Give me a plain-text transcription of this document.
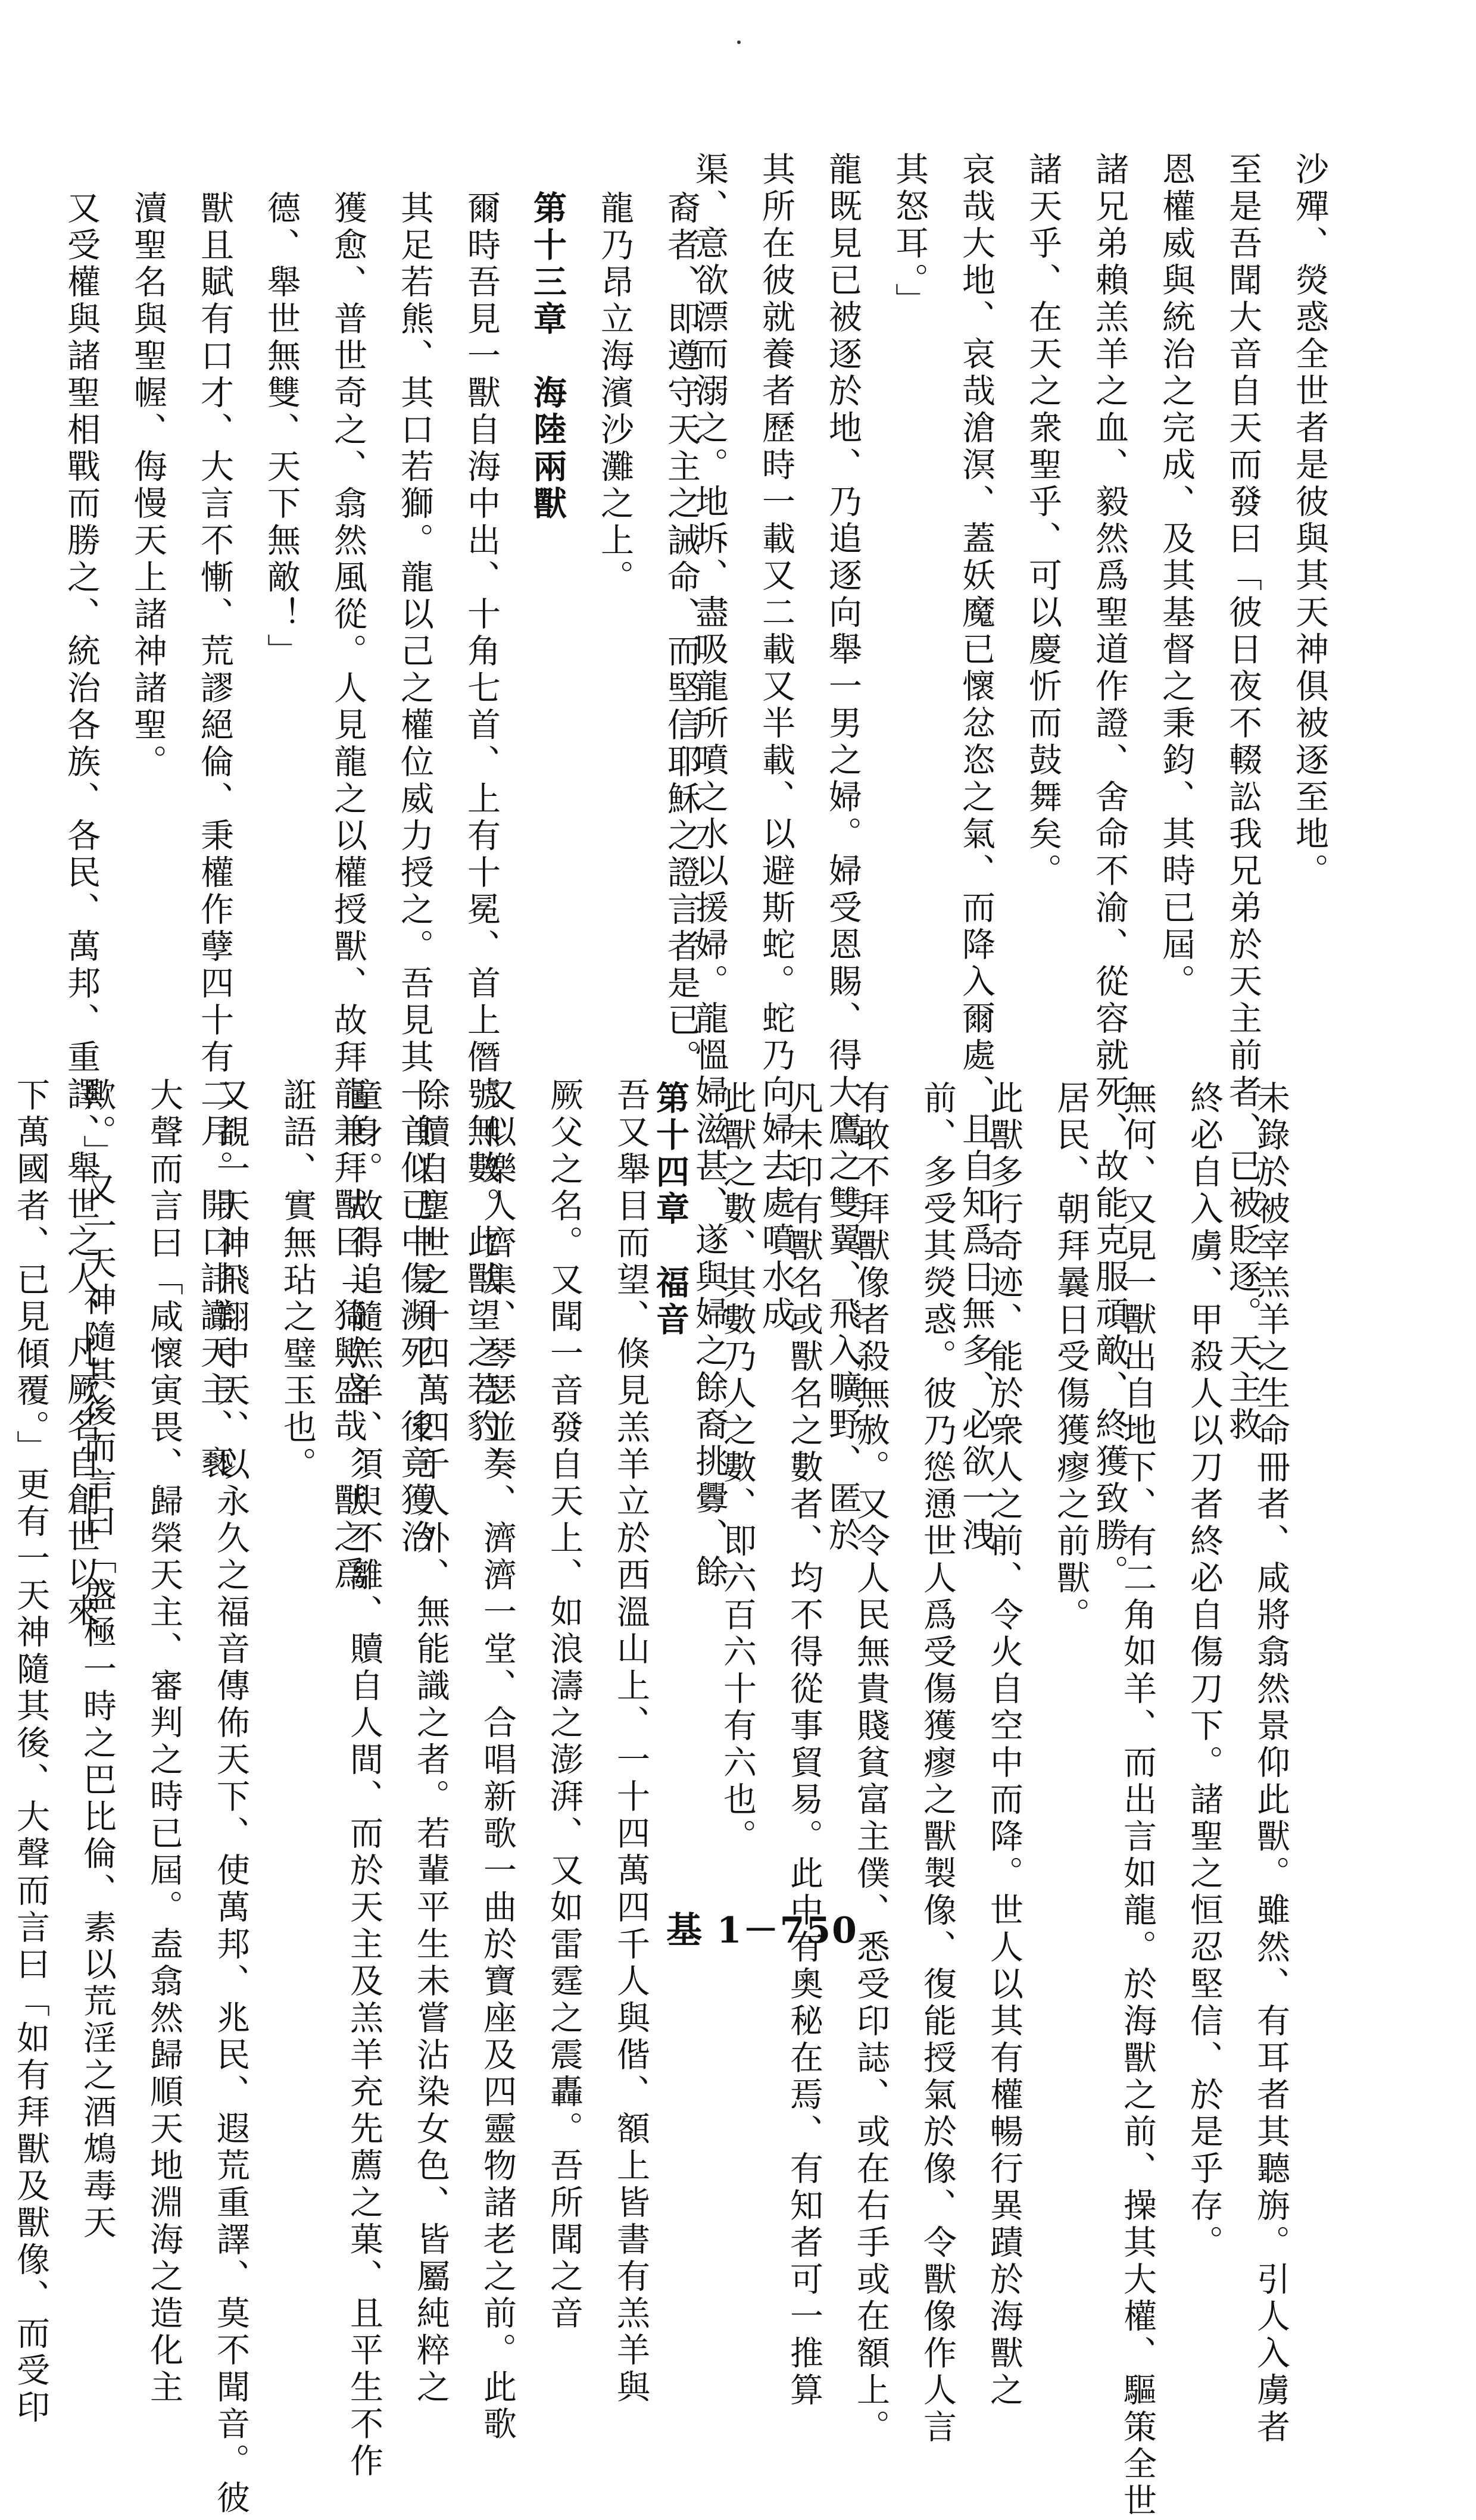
沙殫、熒惑全世者是彼與其天神俱被逐至地。
至是吾聞大音自天而發曰「彼日夜不輟訟我兄弟於天主前者、已被貶逐。天主救
恩權威與統治之完成、及其基督之秉鈞、其時已屆。
諸兄弟賴羔羊之血、毅然爲聖道作證、舍命不渝、從容就死、故能克服頑敵、終獲致勝。
諸天乎、在天之衆聖乎、可以慶忻而鼓舞矣。
哀哉大地、哀哉滄溟、蓋妖魔已懷忿恣之氣、而降入爾處、且自知爲日無多、必欲一洩
其怒耳。」
龍既見已被逐於地、乃追逐向舉一男之婦。婦受恩賜、得大鷹之雙翼、飛入曠野、匿於
其所在彼就養者歷時一載又二載又半載、以避斯蛇。蛇乃向婦去處噴水成
渠、意欲漂而溺之。地坼、盡吸龍所噴之水以援婦。龍慍婦滋甚、遂與婦之餘裔挑釁、餘
裔者、即遵守天主之誡命、而堅信耶穌之證言者是已。
龍乃昂立海濱沙灘之上。
第十三章　海陸兩獸
爾時吾見一獸自海中出、十角七首、上有十冕、首上僭號無數。此獸望之若豹、
其足若熊、其口若獅。龍以己之權位威力授之。吾見其一首似已中傷瀕死、後竟獲治
獲愈、普世奇之、翕然風從。人見龍之以權授獸、故拜龍兼拜獸曰「猗歟盛哉、獸之爲
德、舉世無雙、天下無敵！」
獸且賦有口才、大言不慚、荒謬絕倫、秉權作孽四十有二月。開口誹讟天主、褻
瀆聖名與聖幄、侮慢天上諸神諸聖。
又受權與諸聖相戰而勝之、統治各族、各民、萬邦、重譯、舉世之人、凡厥名自創世以來
未錄於被宰羔羊之生命冊者、咸將翕然景仰此獸。雖然、有耳者其聽旃。引人入虜者
終必自入虜、甲殺人以刀者終必自傷刀下。諸聖之恒忍堅信、於是乎存。
無何、又見一獸出自地下、有二角如羊、而出言如龍。於海獸之前、操其大權、驅策全世
居民、朝拜曩日受傷獲瘳之前獸。
此獸多行奇迹、能於衆人之前、令火自空中而降。世人以其有權暢行異蹟於海獸之
前、多受其熒惑。彼乃慫慂世人爲受傷獲瘳之獸製像、復能授氣於像、令獸像作人言
有敢不拜獸像者殺無赦。又令人民無貴賤貧富主僕、悉受印誌、或在右手或在額上。
凡未印有獸名或獸名之數者、均不得從事貿易。此中有奧秘在焉、有知者可一推算
此獸之數、其數乃人之數、即六百六十有六也。
第十四章　福音
吾又舉目而望、倏見羔羊立於西溫山上、一十四萬四千人與偕、額上皆書有羔羊與
厥父之名。又聞一音發自天上、如浪濤之澎湃、又如雷霆之震轟。吾所聞之音
又似樂人齊集、琴瑟並奏、濟濟一堂、合唱新歌一曲於寶座及四靈物諸老之前。此歌
除贖自塵世之十四萬四千人外、無能識之者。若輩平生未嘗沾染女色、皆屬純粹之
童身。故得追隨羔羊、須臾不離、贖自人間、而於天主及羔羊充先薦之菓、且平生不作
誑語、實無玷之璧玉也。
又覩一天神飛翔中天、以永久之福音傳佈天下、使萬邦、兆民、遐荒重譯、莫不聞音。彼
大聲而言曰「咸懷寅畏、歸榮天主、審判之時已屆。盍翕然歸順天地淵海之造化主
歟。」又一天神隨其後而言曰「盛極一時之巴比倫、素以荒淫之酒鴆毒天
下萬國者、已見傾覆。」更有一天神隨其後、大聲而言曰「如有拜獸及獸像、而受印	基 1－750
